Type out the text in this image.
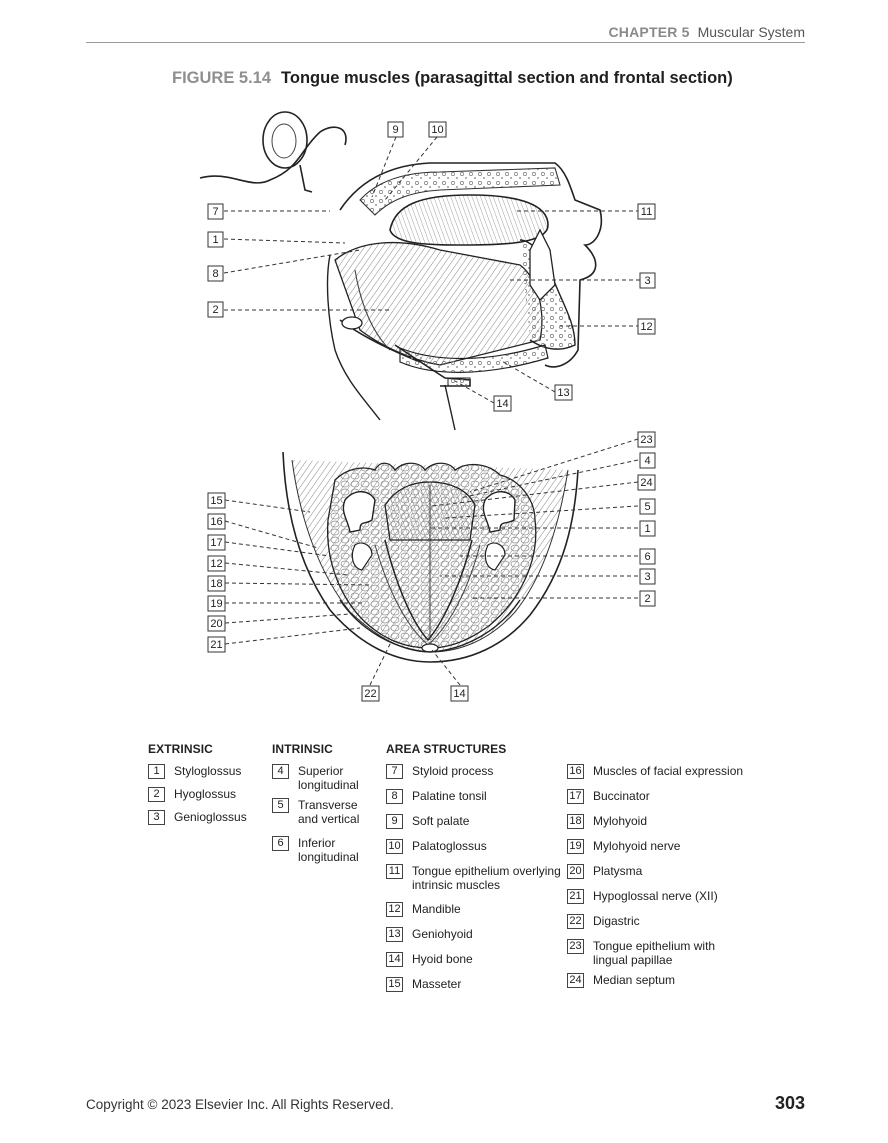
CHAPTER 5 Muscular System
FIGURE 5.14 Tongue muscles (parasagittal section and frontal section)
9	10
7
1
8
2
11
3
12
13
14
23
4
24
5
1
6
3
2
15
16
17
12
18
19
20
21
22	14
EXTRINSIC
1	Styloglossus
2	Hyoglossus
3	Genioglossus
INTRINSIC
4	Superior
longitudinal
5	Transverse
and vertical
6	Inferior
longitudinal
AREA STRUCTURES
7	Styloid process
8	Palatine tonsil
9	Soft palate
10 Palatoglossus
11 Tongue epithelium overlying
intrinsic muscles
12 Mandible
13 Geniohyoid
14 Hyoid bone
15 Masseter
16 Muscles of facial expression
17 Buccinator
18 Mylohyoid
19 Mylohyoid nerve
20 Platysma
21 Hypoglossal nerve (XII)
22 Digastric
23 Tongue epithelium with
lingual papillae
24 Median septum
Copyright © 2023 Elsevier Inc. All Rights Reserved.	303
